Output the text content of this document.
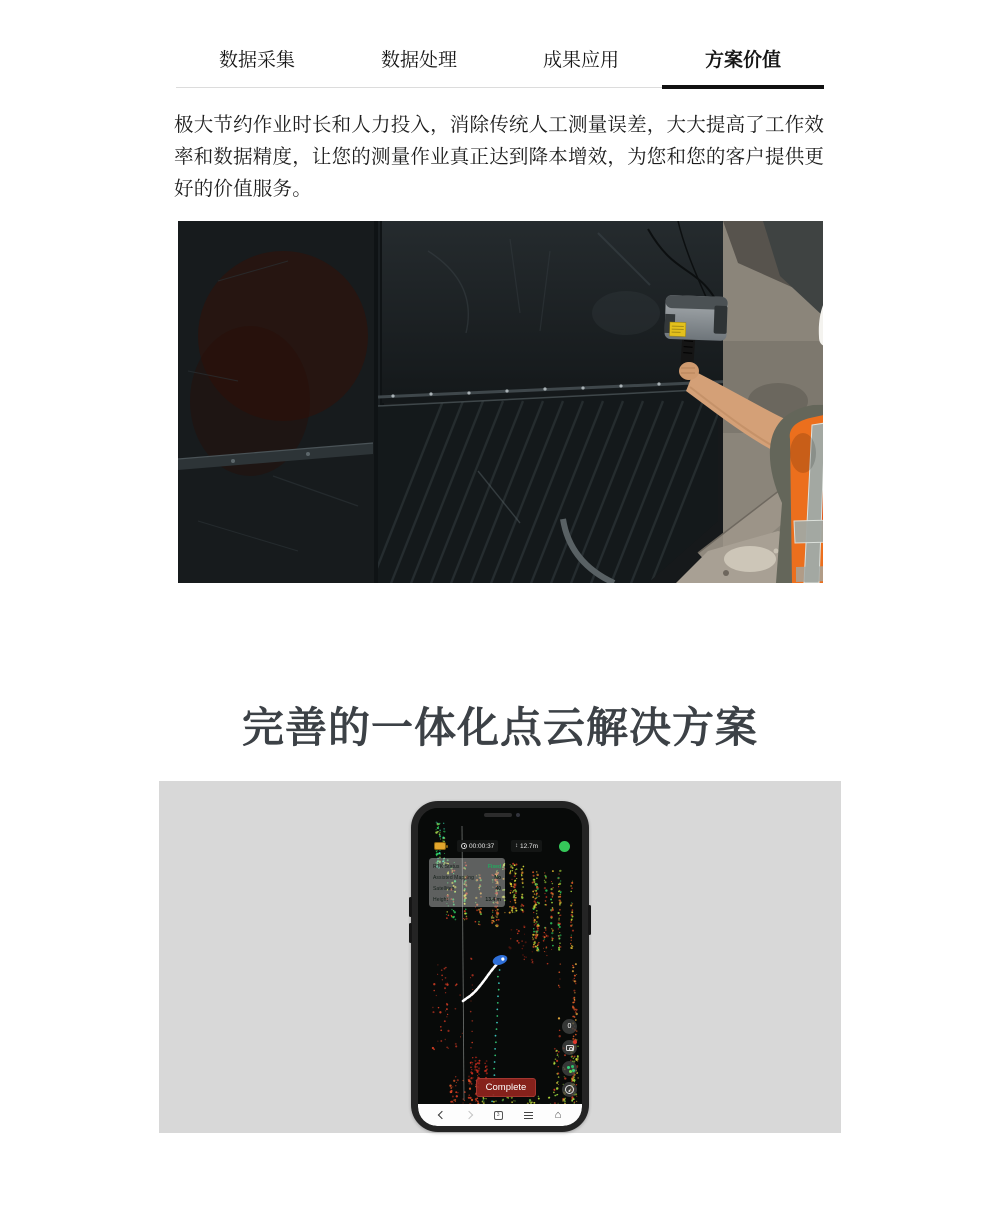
数据采集	数据处理	成果应用	方案价值

极大节约作业时长和人力投入，消除传统人工测量误差，大大提高了工作效率和数据精度，让您的测量作业真正达到降本增效，为您和您的客户提供更好的价值服务。

完善的一体化点云解决方案
00:00:37	↕ 12.7m
RTK Status	Fixed
Assisted Mapping	No
Satellites	40
Height	13.4 m
0
Complete
3	⌂
